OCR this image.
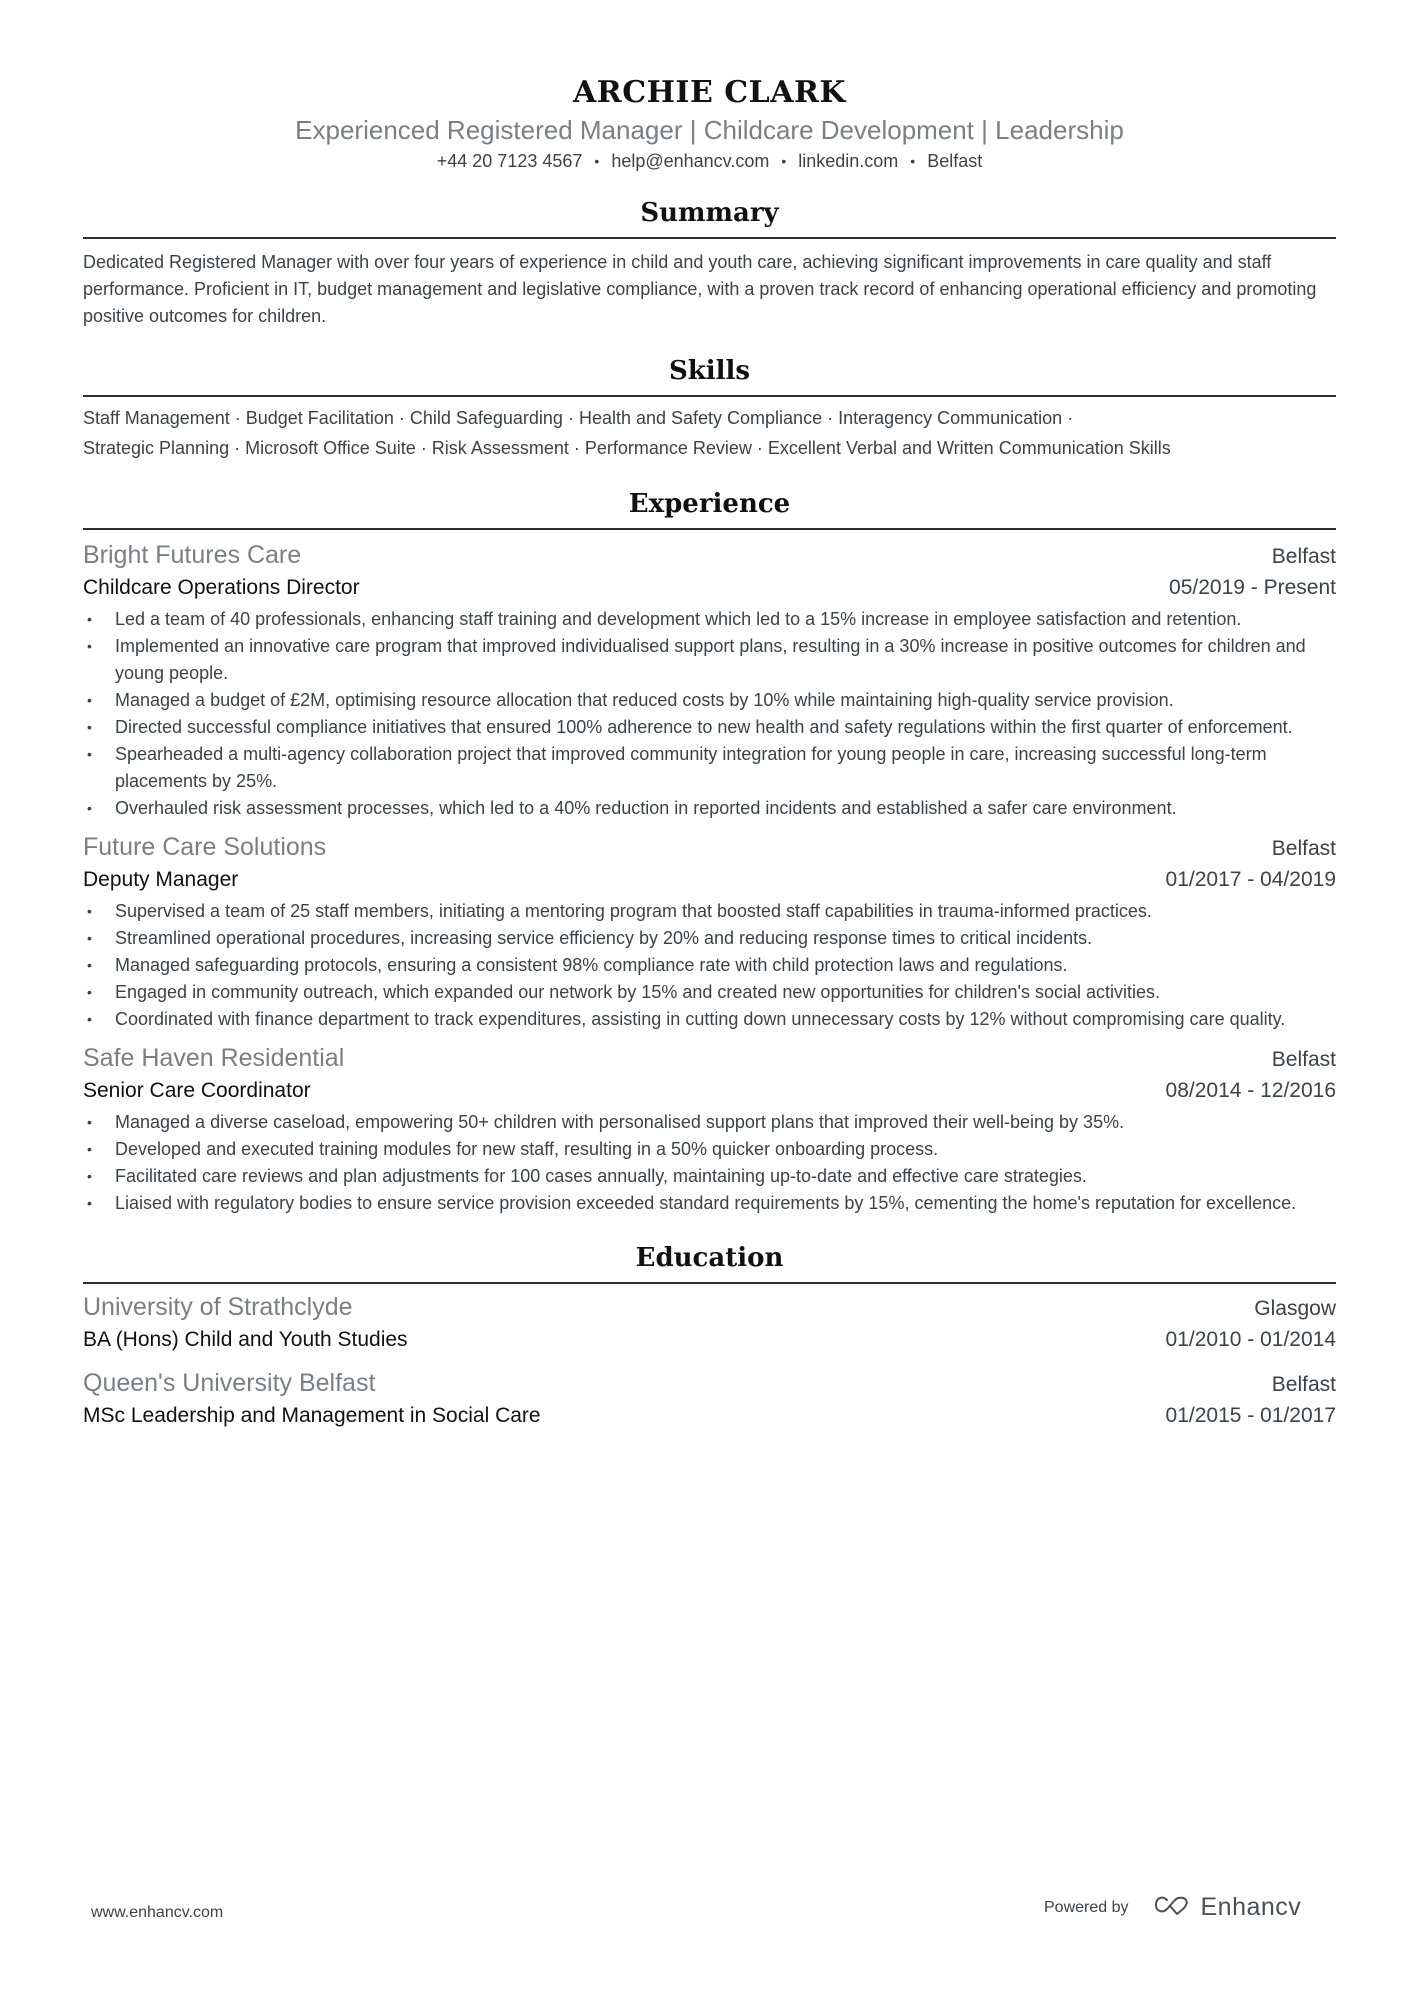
ARCHIE CLARK
Experienced Registered Manager | Childcare Development | Leadership
+44 20 7123 4567 • help@enhancv.com • linkedin.com • Belfast
Summary

Dedicated Registered Manager with over four years of experience in child and youth care, achieving significant improvements in care quality and staff performance. Proficient in IT, budget management and legislative compliance, with a proven track record of enhancing operational efficiency and promoting positive outcomes for children.

Skills
Staff Management · Budget Facilitation · Child Safeguarding · Health and Safety Compliance · Interagency Communication ·
Strategic Planning · Microsoft Office Suite · Risk Assessment · Performance Review · Excellent Verbal and Written Communication Skills
Experience
Bright Futures Care	Belfast
Childcare Operations Director	05/2019 - Present
• Led a team of 40 professionals, enhancing staff training and development which led to a 15% increase in employee satisfaction and retention.
• Implemented an innovative care program that improved individualised support plans, resulting in a 30% increase in positive outcomes for children and young people.
• Managed a budget of £2M, optimising resource allocation that reduced costs by 10% while maintaining high-quality service provision.
• Directed successful compliance initiatives that ensured 100% adherence to new health and safety regulations within the first quarter of enforcement.
• Spearheaded a multi-agency collaboration project that improved community integration for young people in care, increasing successful long-term placements by 25%.
• Overhauled risk assessment processes, which led to a 40% reduction in reported incidents and established a safer care environment.
Future Care Solutions	Belfast
Deputy Manager	01/2017 - 04/2019
• Supervised a team of 25 staff members, initiating a mentoring program that boosted staff capabilities in trauma-informed practices.
• Streamlined operational procedures, increasing service efficiency by 20% and reducing response times to critical incidents.
• Managed safeguarding protocols, ensuring a consistent 98% compliance rate with child protection laws and regulations.
• Engaged in community outreach, which expanded our network by 15% and created new opportunities for children's social activities.
• Coordinated with finance department to track expenditures, assisting in cutting down unnecessary costs by 12% without compromising care quality.
Safe Haven Residential	Belfast
Senior Care Coordinator	08/2014 - 12/2016
• Managed a diverse caseload, empowering 50+ children with personalised support plans that improved their well-being by 35%.
• Developed and executed training modules for new staff, resulting in a 50% quicker onboarding process.
• Facilitated care reviews and plan adjustments for 100 cases annually, maintaining up-to-date and effective care strategies.
• Liaised with regulatory bodies to ensure service provision exceeded standard requirements by 15%, cementing the home's reputation for excellence.
Education
University of Strathclyde	Glasgow
BA (Hons) Child and Youth Studies	01/2010 - 01/2014
Queen's University Belfast	Belfast
MSc Leadership and Management in Social Care	01/2015 - 01/2017
www.enhancv.com	Powered by	Enhancv
